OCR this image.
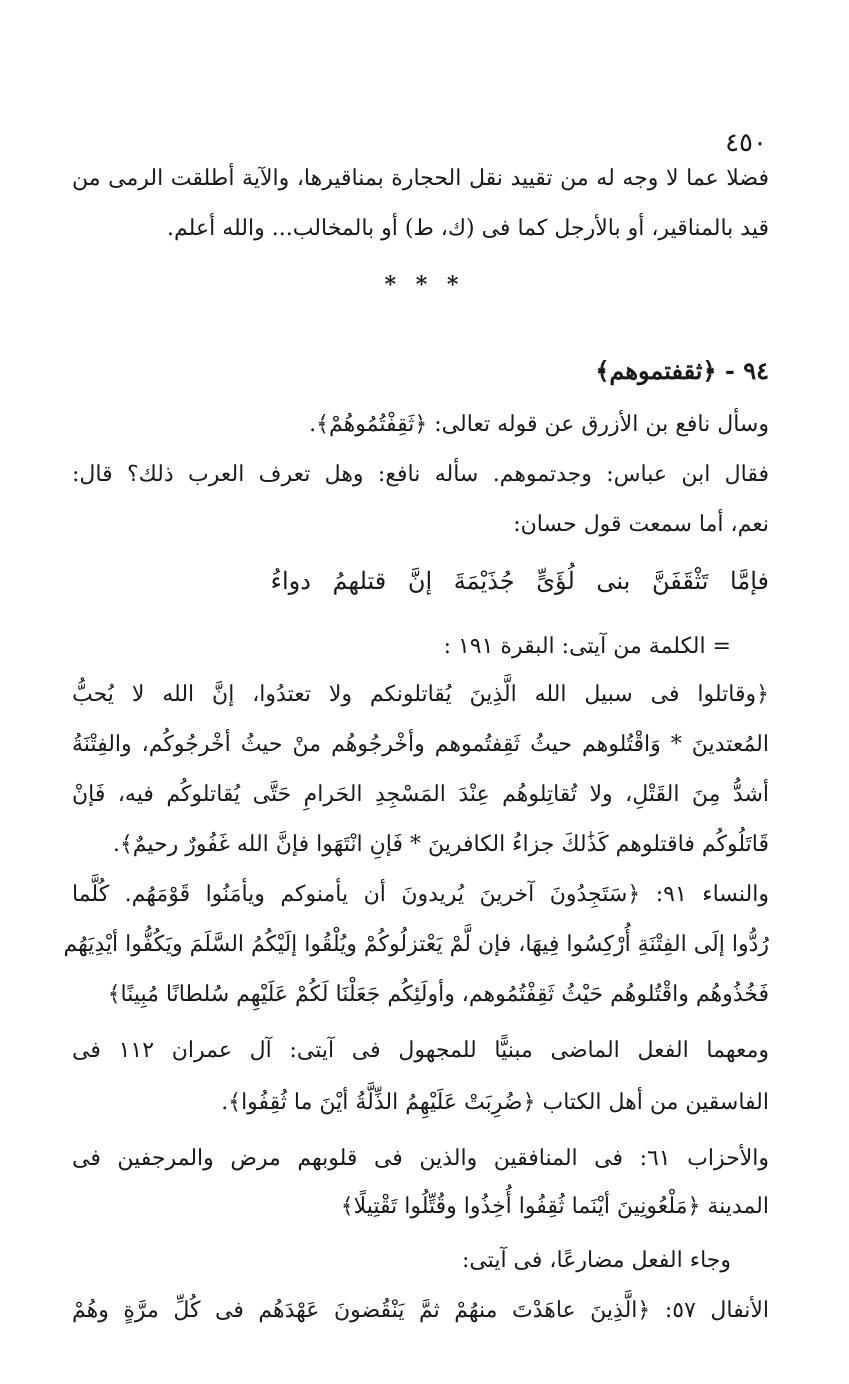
٤٥٠
فضلا عما لا وجه له من تقييد نقل الحجارة بمناقيرها، والآية أطلقت الرمى من
قيد بالمناقير، أو بالأرجل كما فى (ك، ط) أو بالمخالب... والله أعلم.
* * *
٩٤ - ﴿ثقفتموهم﴾
وسأل نافع بن الأزرق عن قوله تعالى: ﴿ثَقِفْتُمُوهُمْ﴾.
فقال ابن عباس: وجدتموهم. سأله نافع: وهل تعرف العرب ذلك؟ قال:
نعم، أما سمعت قول حسان:
فإمَّا تَثْقَفَنَّ بنى لُؤَىٍّ جُذَيْمَةَ إنَّ قتلهمُ دواءُ
= الكلمة من آيتى: البقرة ١٩١ :
﴿وقاتلوا فى سبيل الله الَّذِينَ يُقاتلونكم ولا تعتدُوا، إنَّ الله لا يُحبُّ
المُعتدينَ * وَاقْتُلوهم حيثُ ثَقِفتُموهم وأخْرجُوهُم منْ حيثُ أخْرجُوكُم، والفِتْنَةُ
أشدُّ مِنَ القَتْلِ، ولا تُقاتِلوهُم عِنْدَ المَسْجِدِ الحَرامِ حَتَّى يُقاتلوكُم فيه، فَإنْ
قَاتَلُوكُم فاقتلوهم كَذَٰلكَ جزاءُ الكافرينَ * فَإنِ انْتَهَوا فإنَّ الله غَفُورٌ رحيمٌ﴾.
والنساء ٩١: ﴿سَتَجِدُونَ آخرينَ يُريدونَ أن يأمنوكم ويأمَنُوا قَوْمَهُم. كُلَّما
رُدُّوا إلَى الفِتْنَةِ أُرْكِسُوا فِيهَا، فإن لَّمْ يَعْتزلُوكُمْ ويُلْقُوا إلَيْكُمُ السَّلَمَ ويَكُفُّوا أيْدِيَهُم
فَخُذُوهُم واقْتُلوهُم حَيْثُ ثَقِفْتُمُوهم، وأولَئِكُم جَعَلْنَا لَكُمْ عَلَيْهِم سُلطانًا مُبِينًا﴾
ومعهما الفعل الماضى مبنيًّا للمجهول فى آيتى: آل عمران ١١٢ فى
الفاسقين من أهل الكتاب ﴿ضُرِبَتْ عَلَيْهِمُ الذِّلَّةُ أيْنَ ما ثُقِفُوا﴾.
والأحزاب ٦١: فى المنافقين والذين فى قلوبهم مرض والمرجفين فى
المدينة ﴿مَلْعُونِينَ أيْنَما ثُقِفُوا أُخِذُوا وقُتِّلُوا تَقْتِيلًا﴾
وجاء الفعل مضارعًا، فى آيتى:
الأنفال ٥٧: ﴿الَّذِينَ عاهَدْتَ منهُمْ ثمَّ يَنْقُضونَ عَهْدَهُم فى كُلِّ مرَّةٍ وهُمْ
